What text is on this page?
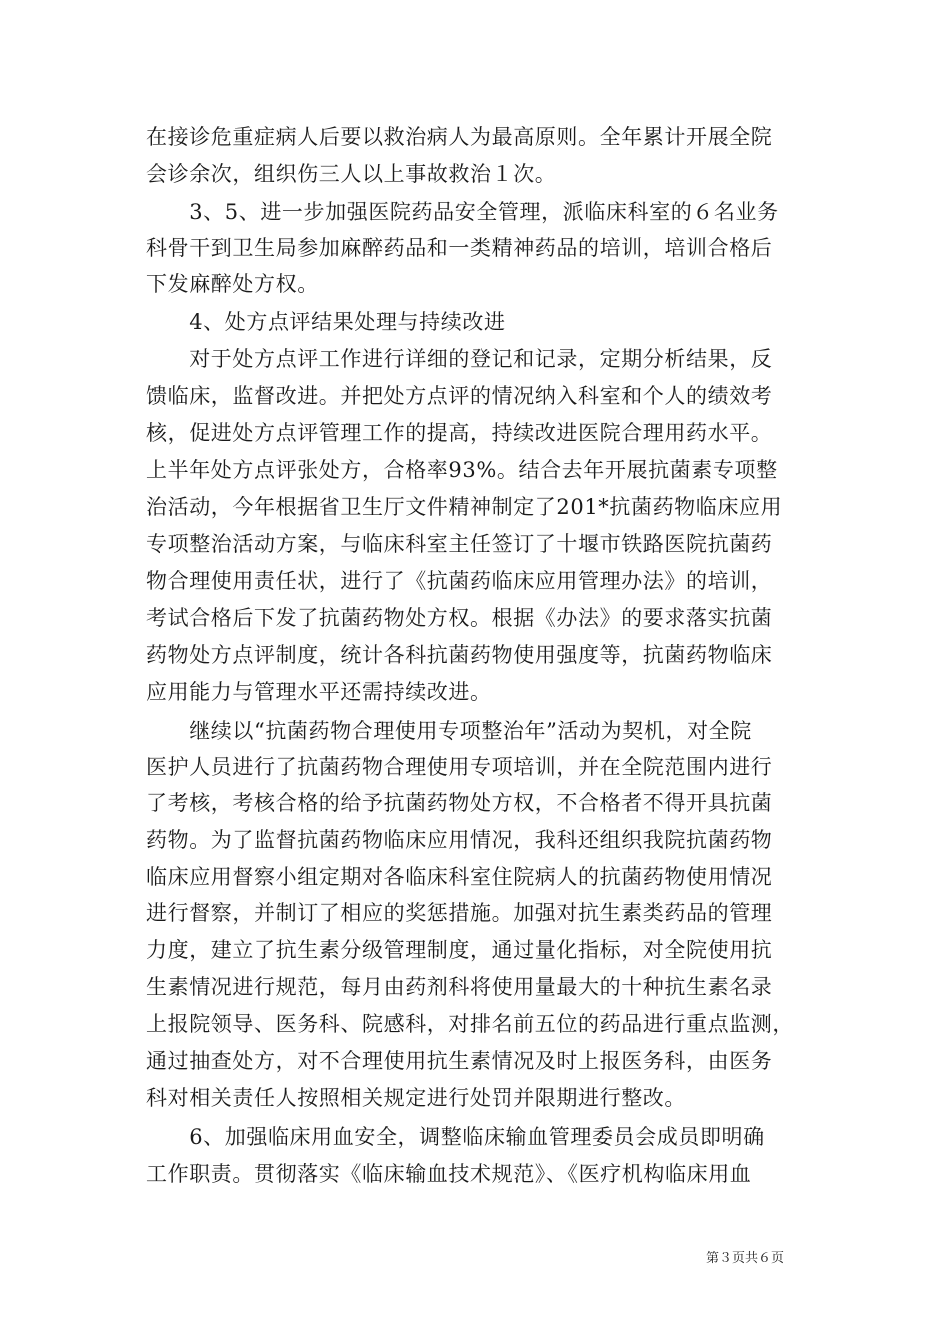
在接诊危重症病人后要以救治病人为最高原则。全年累计开展全院
会诊余次，组织伤三人以上事故救治１次。
　　3、5、进一步加强医院药品安全管理，派临床科室的６名业务
科骨干到卫生局参加麻醉药品和一类精神药品的培训，培训合格后
下发麻醉处方权。
　　4、处方点评结果处理与持续改进
　　对于处方点评工作进行详细的登记和记录，定期分析结果，反
馈临床，监督改进。并把处方点评的情况纳入科室和个人的绩效考
核，促进处方点评管理工作的提高，持续改进医院合理用药水平。
上半年处方点评张处方，合格率93%。结合去年开展抗菌素专项整
治活动，今年根据省卫生厅文件精神制定了201*抗菌药物临床应用
专项整治活动方案，与临床科室主任签订了十堰市铁路医院抗菌药
物合理使用责任状，进行了《抗菌药临床应用管理办法》的培训，
考试合格后下发了抗菌药物处方权。根据《办法》的要求落实抗菌
药物处方点评制度，统计各科抗菌药物使用强度等，抗菌药物临床
应用能力与管理水平还需持续改进。
　　继续以“抗菌药物合理使用专项整治年”活动为契机，对全院
医护人员进行了抗菌药物合理使用专项培训，并在全院范围内进行
了考核，考核合格的给予抗菌药物处方权，不合格者不得开具抗菌
药物。为了监督抗菌药物临床应用情况，我科还组织我院抗菌药物
临床应用督察小组定期对各临床科室住院病人的抗菌药物使用情况
进行督察，并制订了相应的奖惩措施。加强对抗生素类药品的管理
力度，建立了抗生素分级管理制度，通过量化指标，对全院使用抗
生素情况进行规范，每月由药剂科将使用量最大的十种抗生素名录
上报院领导、医务科、院感科，对排名前五位的药品进行重点监测，
通过抽查处方，对不合理使用抗生素情况及时上报医务科，由医务
科对相关责任人按照相关规定进行处罚并限期进行整改。
　　6、加强临床用血安全，调整临床输血管理委员会成员即明确
工作职责。贯彻落实《临床输血技术规范》、《医疗机构临床用血
第３页共６页
